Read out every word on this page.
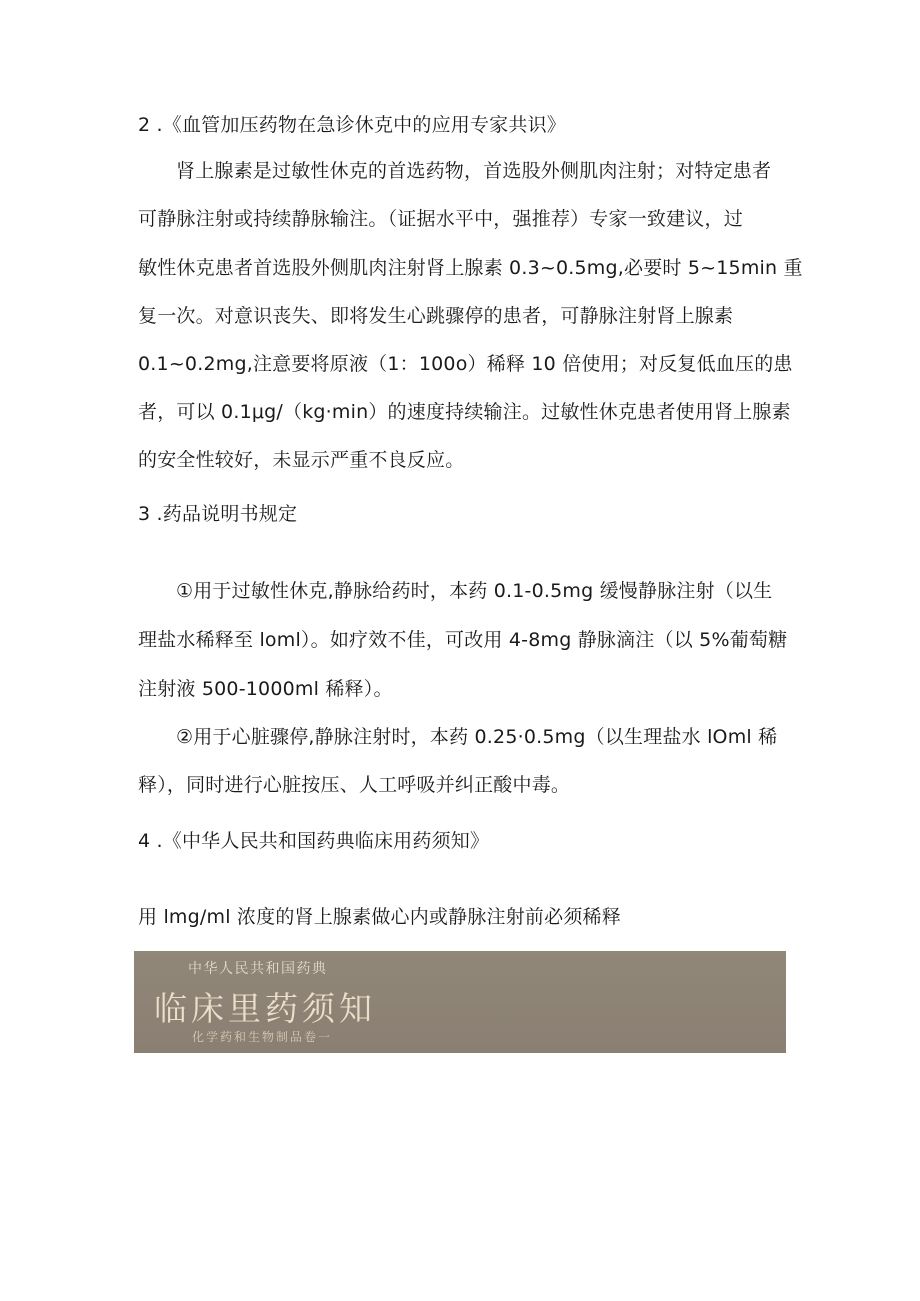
2 .《血管加压药物在急诊休克中的应用专家共识》
肾上腺素是过敏性休克的首选药物，首选股外侧肌肉注射；对特定患者
可静脉注射或持续静脉输注。（证据水平中，强推荐）专家一致建议，过
敏性休克患者首选股外侧肌肉注射肾上腺素 0.3~0.5mg,必要时 5~15min 重
复一次。对意识丧失、即将发生心跳骤停的患者，可静脉注射肾上腺素
0.1~0.2mg,注意要将原液（1：100o）稀释 10 倍使用；对反复低血压的患
者，可以 0.1μg∕（kg·min）的速度持续输注。过敏性休克患者使用肾上腺素
的安全性较好，未显示严重不良反应。
3 .药品说明书规定
①用于过敏性休克,静脉给药时，本药 0.1-0.5mg 缓慢静脉注射（以生
理盐水稀释至 loml）。如疗效不佳，可改用 4-8mg 静脉滴注（以 5%葡萄糖
注射液 500-1000ml 稀释）。
②用于心脏骤停,静脉注射时，本药 0.25·0.5mg（以生理盐水 lOml 稀
释），同时进行心脏按压、人工呼吸并纠正酸中毒。
4 .《中华人民共和国药典临床用药须知》
用 lmg/ml 浓度的肾上腺素做心内或静脉注射前必须稀释
中华人民共和国药典
临床里药须知
化学药和生物制品卷一
